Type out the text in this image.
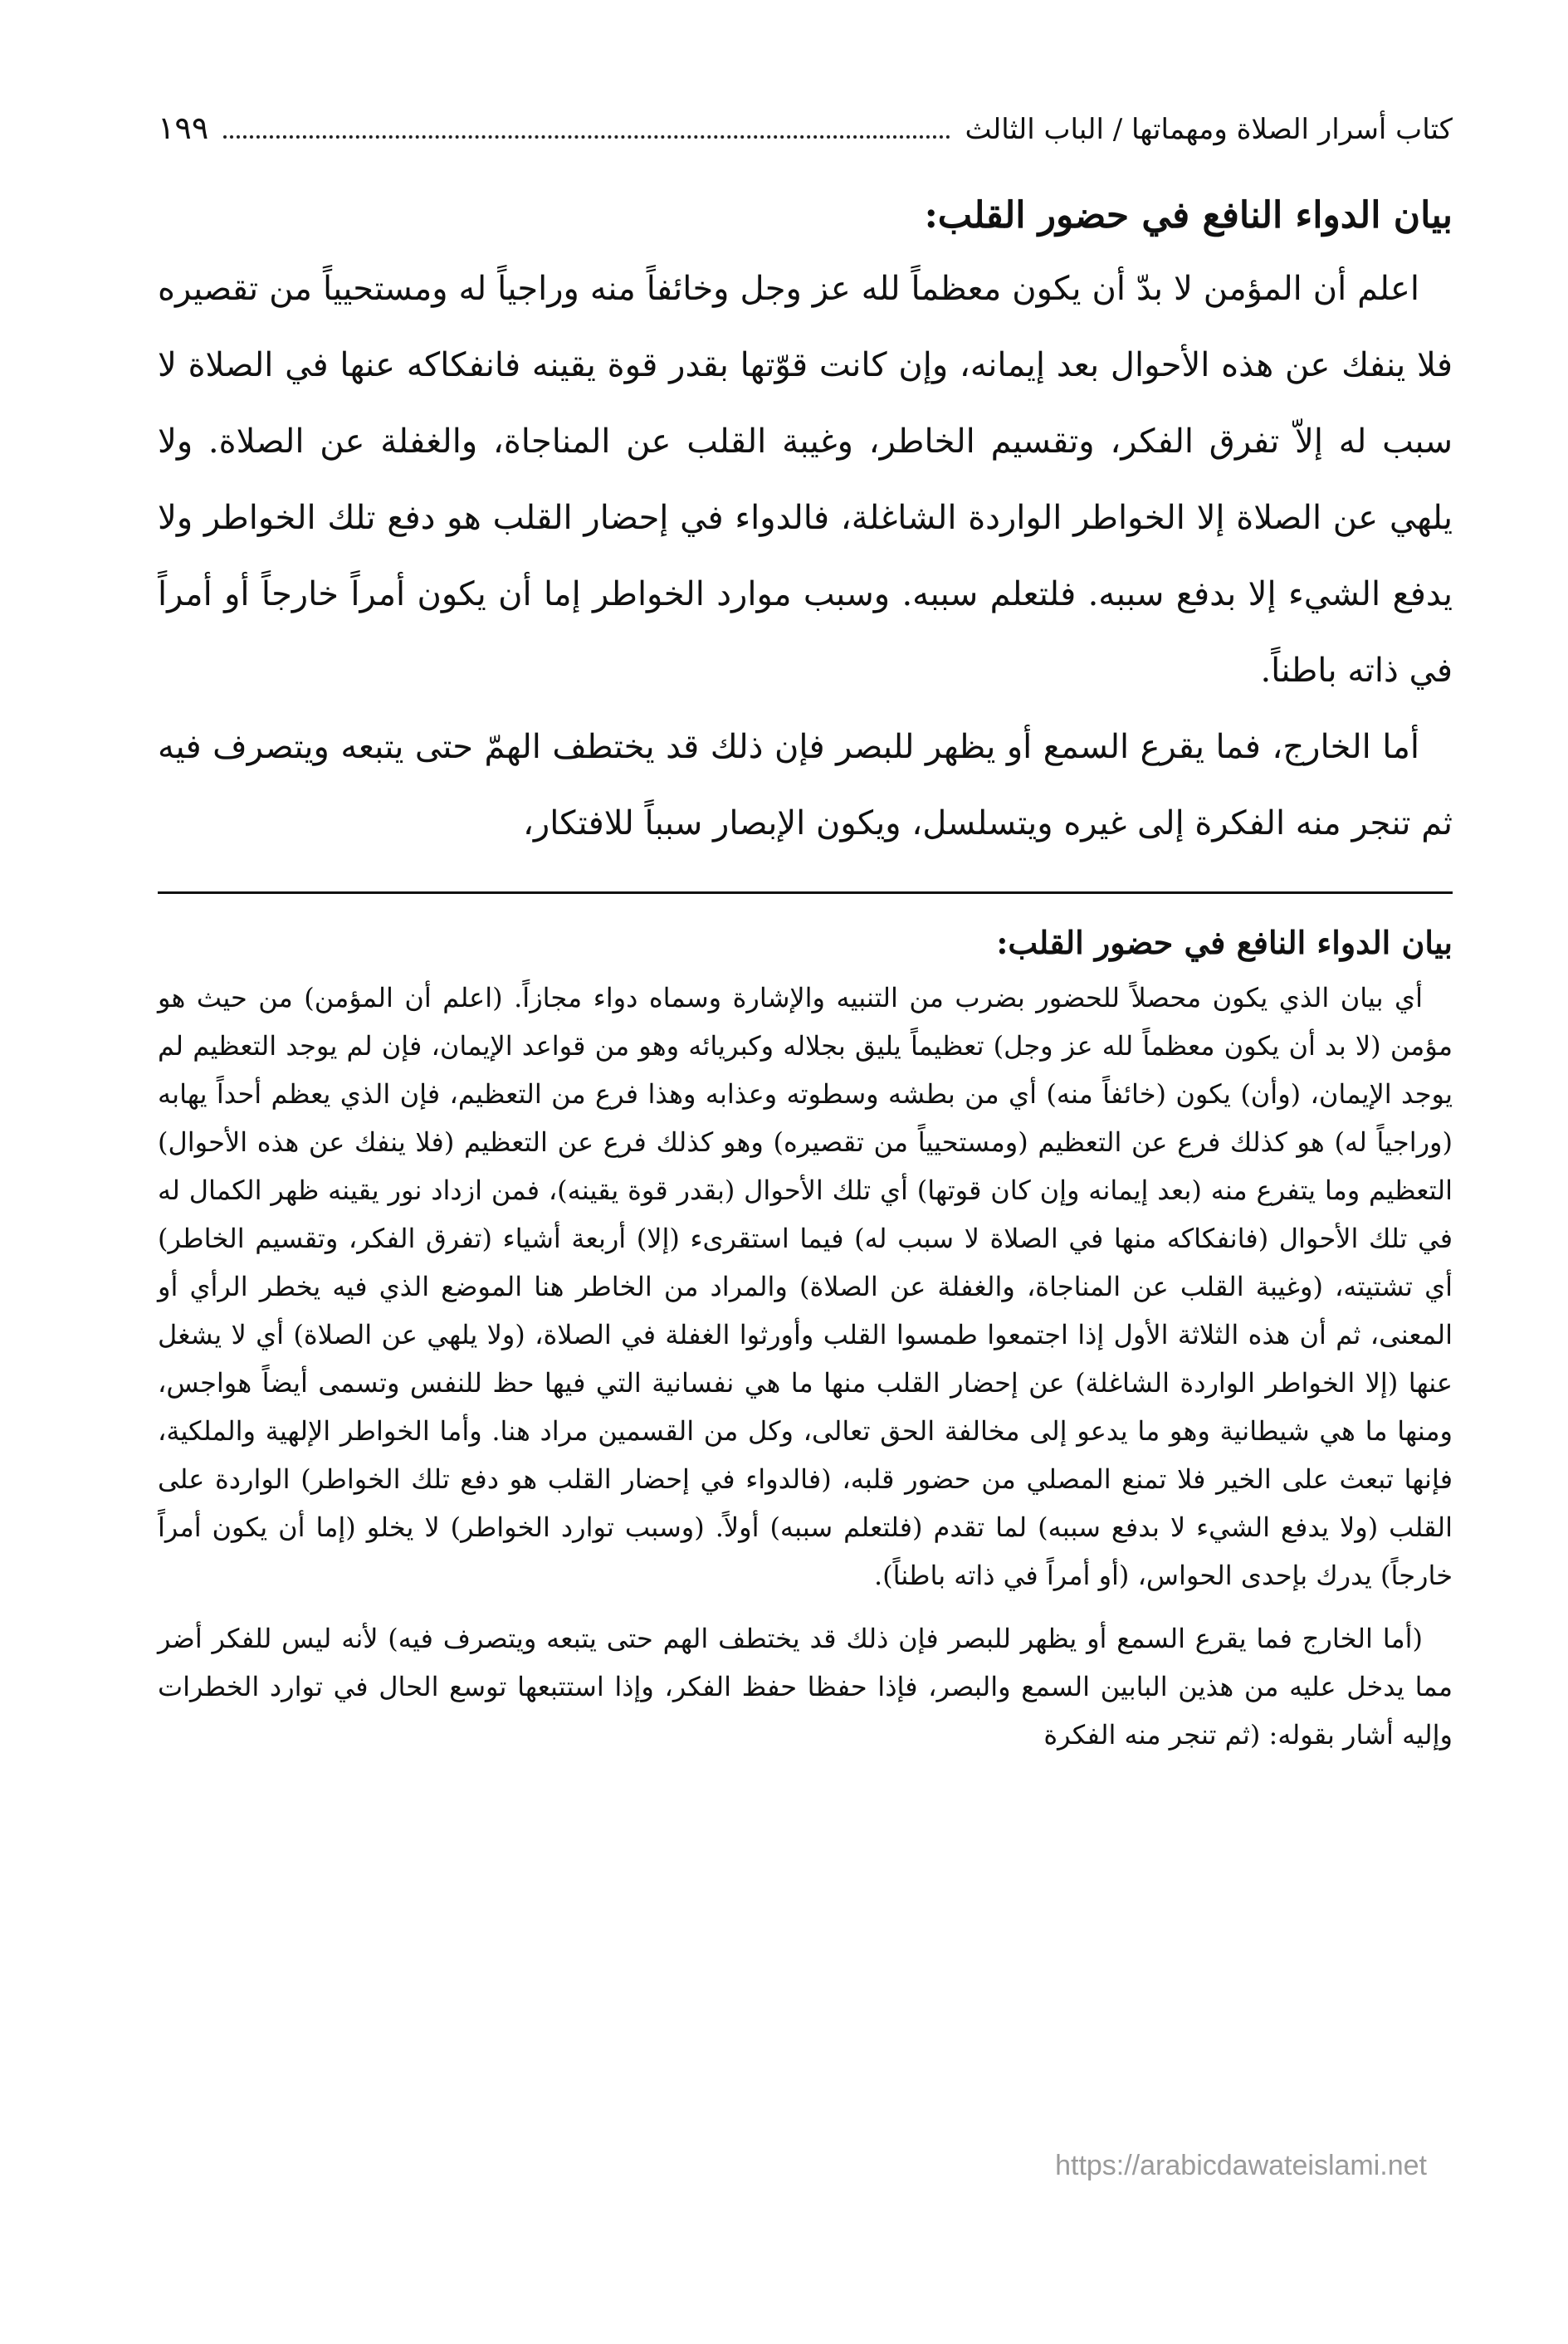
كتاب أسرار الصلاة ومهماتها / الباب الثالث
١٩٩
بيان الدواء النافع في حضور القلب:

اعلم أن المؤمن لا بدّ أن يكون معظماً لله عز وجل وخائفاً منه وراجياً له ومستحيياً من تقصيره فلا ينفك عن هذه الأحوال بعد إيمانه، وإن كانت قوّتها بقدر قوة يقينه فانفكاكه عنها في الصلاة لا سبب له إلاّ تفرق الفكر، وتقسيم الخاطر، وغيبة القلب عن المناجاة، والغفلة عن الصلاة. ولا يلهي عن الصلاة إلا الخواطر الواردة الشاغلة، فالدواء في إحضار القلب هو دفع تلك الخواطر ولا يدفع الشيء إلا بدفع سببه. فلتعلم سببه. وسبب موارد الخواطر إما أن يكون أمراً خارجاً أو أمراً في ذاته باطناً.

أما الخارج، فما يقرع السمع أو يظهر للبصر فإن ذلك قد يختطف الهمّ حتى يتبعه ويتصرف فيه ثم تنجر منه الفكرة إلى غيره ويتسلسل، ويكون الإبصار سبباً للافتكار،

بيان الدواء النافع في حضور القلب:

أي بيان الذي يكون محصلاً للحضور بضرب من التنبيه والإشارة وسماه دواء مجازاً. (اعلم أن المؤمن) من حيث هو مؤمن (لا بد أن يكون معظماً لله عز وجل) تعظيماً يليق بجلاله وكبريائه وهو من قواعد الإيمان، فإن لم يوجد التعظيم لم يوجد الإيمان، (وأن) يكون (خائفاً منه) أي من بطشه وسطوته وعذابه وهذا فرع من التعظيم، فإن الذي يعظم أحداً يهابه (وراجياً له) هو كذلك فرع عن التعظيم (ومستحيياً من تقصيره) وهو كذلك فرع عن التعظيم (فلا ينفك عن هذه الأحوال) التعظيم وما يتفرع منه (بعد إيمانه وإن كان قوتها) أي تلك الأحوال (بقدر قوة يقينه)، فمن ازداد نور يقينه ظهر الكمال له في تلك الأحوال (فانفكاكه منها في الصلاة لا سبب له) فيما استقرىء (إلا) أربعة أشياء (تفرق الفكر، وتقسيم الخاطر) أي تشتيته، (وغيبة القلب عن المناجاة، والغفلة عن الصلاة) والمراد من الخاطر هنا الموضع الذي فيه يخطر الرأي أو المعنى، ثم أن هذه الثلاثة الأول إذا اجتمعوا طمسوا القلب وأورثوا الغفلة في الصلاة، (ولا يلهي عن الصلاة) أي لا يشغل عنها (إلا الخواطر الواردة الشاغلة) عن إحضار القلب منها ما هي نفسانية التي فيها حظ للنفس وتسمى أيضاً هواجس، ومنها ما هي شيطانية وهو ما يدعو إلى مخالفة الحق تعالى، وكل من القسمين مراد هنا. وأما الخواطر الإلهية والملكية، فإنها تبعث على الخير فلا تمنع المصلي من حضور قلبه، (فالدواء في إحضار القلب هو دفع تلك الخواطر) الواردة على القلب (ولا يدفع الشيء لا بدفع سببه) لما تقدم (فلتعلم سببه) أولاً. (وسبب توارد الخواطر) لا يخلو (إما أن يكون أمراً خارجاً) يدرك بإحدى الحواس، (أو أمراً في ذاته باطناً).

(أما الخارج فما يقرع السمع أو يظهر للبصر فإن ذلك قد يختطف الهم حتى يتبعه ويتصرف فيه) لأنه ليس للفكر أضر مما يدخل عليه من هذين البابين السمع والبصر، فإذا حفظا حفظ الفكر، وإذا استتبعها توسع الحال في توارد الخطرات وإليه أشار بقوله: (ثم تنجر منه الفكرة

https://arabicdawateislami.net
